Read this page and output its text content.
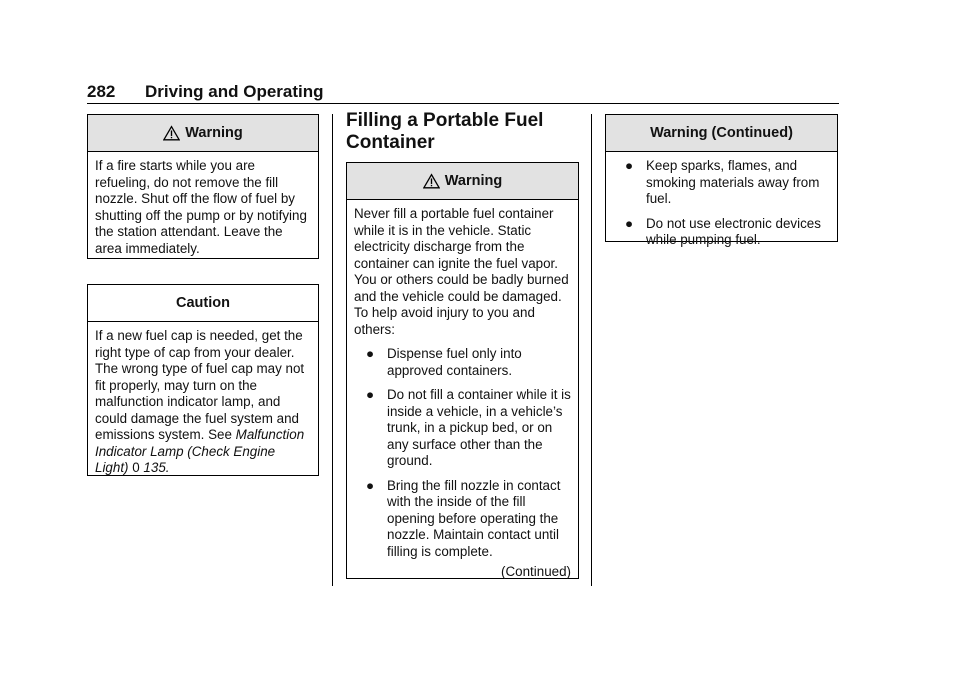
282 Driving and Operating
Warning

If a fire starts while you are refueling, do not remove the fill nozzle. Shut off the flow of fuel by shutting off the pump or by notifying the station attendant. Leave the area immediately.

Caution

If a new fuel cap is needed, get the right type of cap from your dealer. The wrong type of fuel cap may not fit properly, may turn on the malfunction indicator lamp, and could damage the fuel system and emissions system. See Malfunction Indicator Lamp (Check Engine Light) 0 135.

Filling a Portable Fuel Container
Warning

Never fill a portable fuel container while it is in the vehicle. Static electricity discharge from the container can ignite the fuel vapor. You or others could be badly burned and the vehicle could be damaged. To help avoid injury to you and others:

● Dispense fuel only into approved containers.
● Do not fill a container while it is inside a vehicle, in a vehicle’s trunk, in a pickup bed, or on any surface other than the ground.
● Bring the fill nozzle in contact with the inside of the fill opening before operating the nozzle. Maintain contact until filling is complete.
(Continued)
Warning (Continued)
● Keep sparks, flames, and smoking materials away from fuel.
● Do not use electronic devices while pumping fuel.
